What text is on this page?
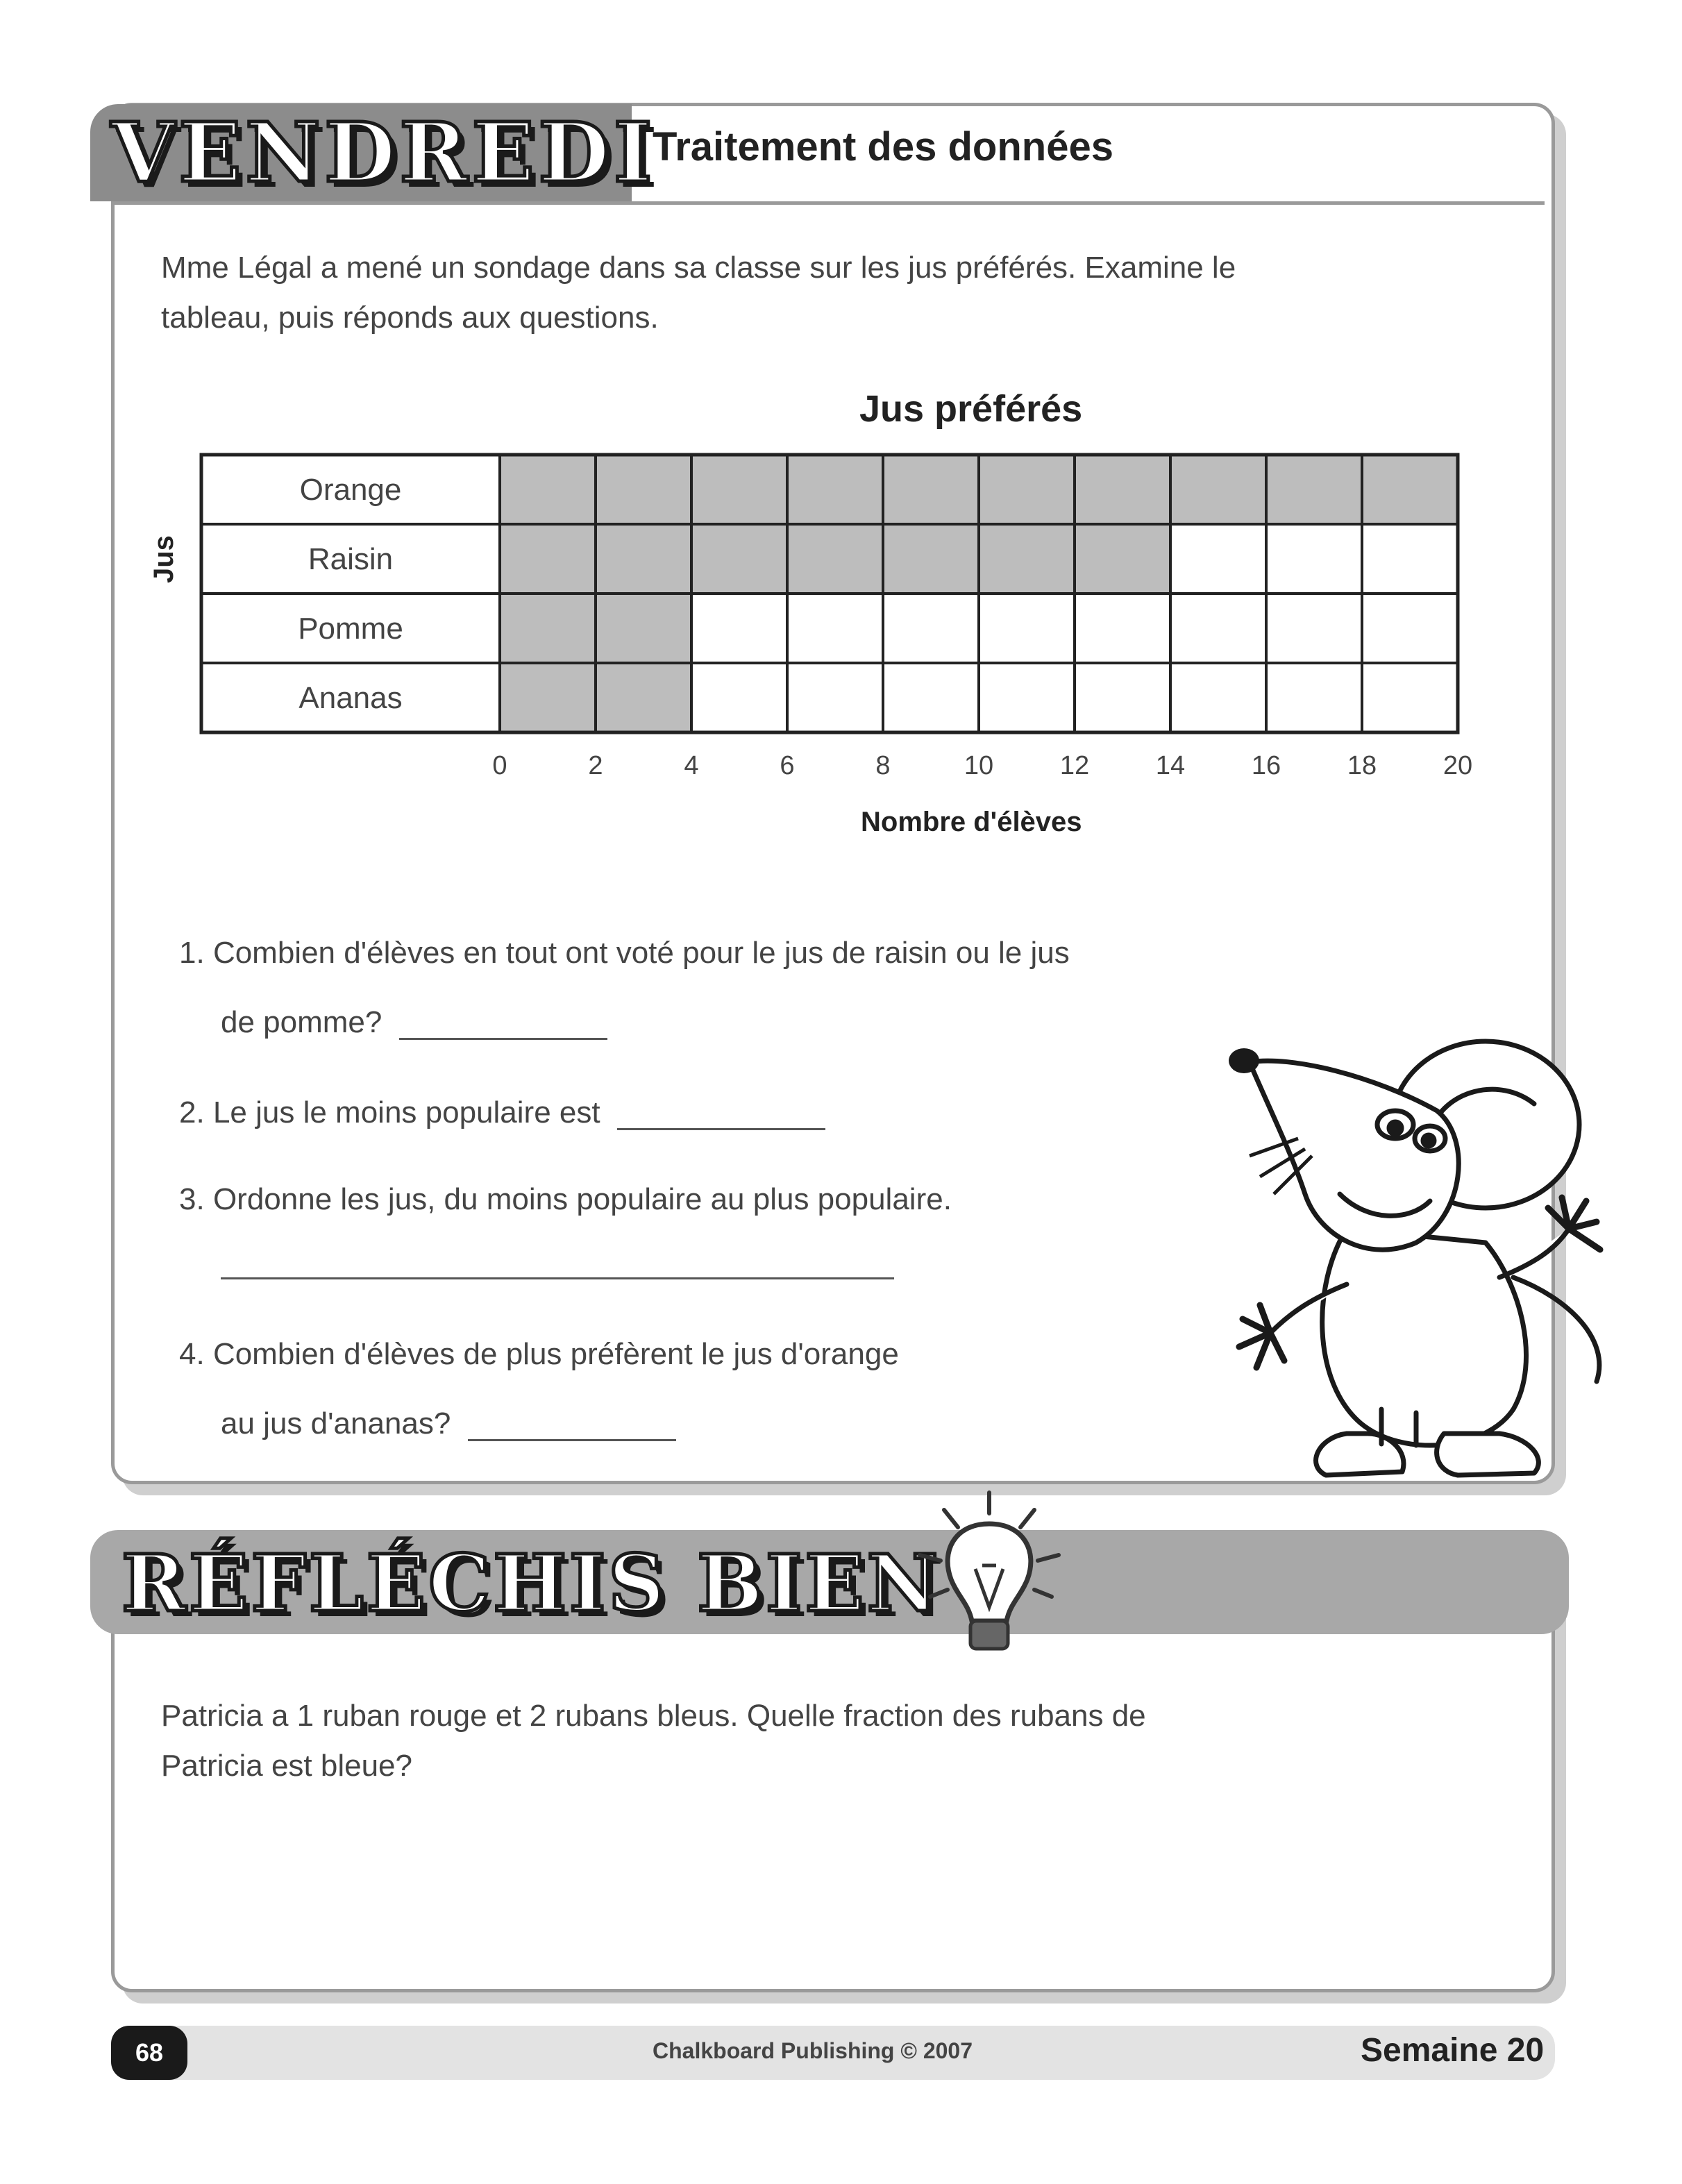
VENDREDI
Traitement des données
Mme Légal a mené un sondage dans sa classe sur les jus préférés. Examine le
tableau, puis réponds aux questions.
Jus préférés
Jus
0	2	4	6	8	10	12	14	16	18	20
Orange
Raisin
Pomme
Ananas
Nombre d'élèves
1. Combien d'élèves en tout ont voté pour le jus de raisin ou le jus
de pomme?
2. Le jus le moins populaire est
3. Ordonne les jus, du moins populaire au plus populaire.
4. Combien d'élèves de plus préfèrent le jus d'orange
au jus d'ananas?
RÉFLÉCHIS BIEN
Patricia a 1 ruban rouge et 2 rubans bleus. Quelle fraction des rubans de
Patricia est bleue?
68	Chalkboard Publishing © 2007	Semaine 20
